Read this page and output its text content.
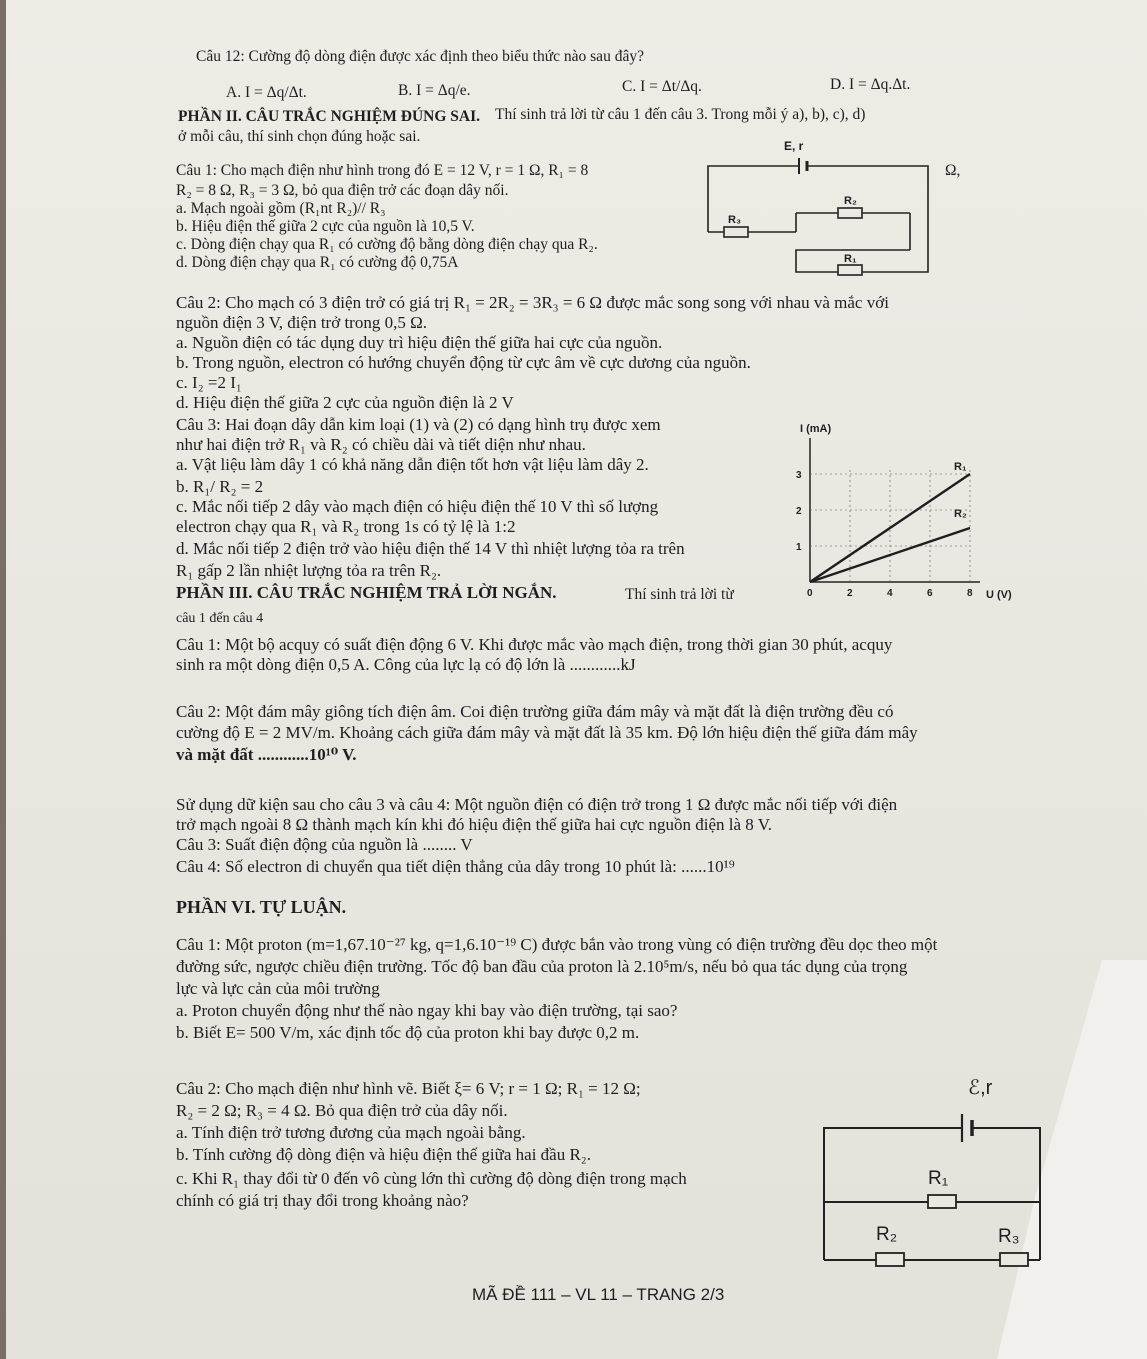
Câu 12: Cường độ dòng điện được xác định theo biểu thức nào sau đây?
A. I = Δq/Δt.	B. I = Δq/e.	C. I = Δt/Δq.	D. I = Δq.Δt.
PHẦN II. CÂU TRẮC NGHIỆM ĐÚNG SAI. Thí sinh trả lời từ câu 1 đến câu 3. Trong mỗi ý a), b), c), d)
ở mỗi câu, thí sinh chọn đúng hoặc sai.
Câu 1: Cho mạch điện như hình trong đó E = 12 V, r = 1 Ω, R₁ = 8	Ω,
R₂ = 8 Ω, R₃ = 3 Ω, bỏ qua điện trở các đoạn dây nối.
a. Mạch ngoài gồm (R₁nt R₂)// R₃
b. Hiệu điện thế giữa 2 cực của nguồn là 10,5 V.
c. Dòng điện chạy qua R₁ có cường độ bằng dòng điện chạy qua R₂.
d. Dòng điện chạy qua R₁ có cường độ 0,75A
E, r
R₂
R₃
R₁
Câu 2: Cho mạch có 3 điện trở có giá trị R₁ = 2R₂ = 3R₃ = 6 Ω được mắc song song với nhau và mắc với
nguồn điện 3 V, điện trở trong 0,5 Ω.
a. Nguồn điện có tác dụng duy trì hiệu điện thế giữa hai cực của nguồn.
b. Trong nguồn, electron có hướng chuyển động từ cực âm về cực dương của nguồn.
c. I₂ =2 I₁
d. Hiệu điện thế giữa 2 cực của nguồn điện là 2 V
Câu 3: Hai đoạn dây dẫn kim loại (1) và (2) có dạng hình trụ được xem
như hai điện trở R₁ và R₂ có chiều dài và tiết diện như nhau.
a. Vật liệu làm dây 1 có khả năng dẫn điện tốt hơn vật liệu làm dây 2.
b. R₁/ R₂ = 2
c. Mắc nối tiếp 2 dây vào mạch điện có hiệu điện thế 10 V thì số lượng
electron chạy qua R₁ và R₂ trong 1s có tỷ lệ là 1:2
d. Mắc nối tiếp 2 điện trở vào hiệu điện thế 14 V thì nhiệt lượng tỏa ra trên
R₁ gấp 2 lần nhiệt lượng tỏa ra trên R₂.
I (mA)
U (V)
1
2
3
0	2	4	6	8
R₁
R₂
PHẦN III. CÂU TRẮC NGHIỆM TRẢ LỜI NGẮN.	Thí sinh trả lời từ
câu 1 đến câu 4
Câu 1: Một bộ acquy có suất điện động 6 V. Khi được mắc vào mạch điện, trong thời gian 30 phút, acquy
sinh ra một dòng điện 0,5 A. Công của lực lạ có độ lớn là ............kJ
Câu 2: Một đám mây giông tích điện âm. Coi điện trường giữa đám mây và mặt đất là điện trường đều có
cường độ E = 2 MV/m. Khoảng cách giữa đám mây và mặt đất là 35 km. Độ lớn hiệu điện thế giữa đám mây
và mặt đất ............10¹⁰ V.
Sử dụng dữ kiện sau cho câu 3 và câu 4: Một nguồn điện có điện trở trong 1 Ω được mắc nối tiếp với điện
trở mạch ngoài 8 Ω thành mạch kín khi đó hiệu điện thế giữa hai cực nguồn điện là 8 V.
Câu 3: Suất điện động của nguồn là ........ V
Câu 4: Số electron di chuyển qua tiết diện thẳng của dây trong 10 phút là: ......10¹⁹
PHẦN VI. TỰ LUẬN.
Câu 1: Một proton (m=1,67.10⁻²⁷ kg, q=1,6.10⁻¹⁹ C) được bắn vào trong vùng có điện trường đều dọc theo một
đường sức, ngược chiều điện trường. Tốc độ ban đầu của proton là 2.10⁵m/s, nếu bỏ qua tác dụng của trọng
lực và lực cản của môi trường
a. Proton chuyển động như thế nào ngay khi bay vào điện trường, tại sao?
b. Biết E= 500 V/m, xác định tốc độ của proton khi bay được 0,2 m.
Câu 2: Cho mạch điện như hình vẽ. Biết ξ= 6 V; r = 1 Ω; R₁ = 12 Ω;
R₂ = 2 Ω; R₃ = 4 Ω. Bỏ qua điện trở của dây nối.
a. Tính điện trở tương đương của mạch ngoài bằng.
b. Tính cường độ dòng điện và hiệu điện thế giữa hai đầu R₂.
c. Khi R₁ thay đổi từ 0 đến vô cùng lớn thì cường độ dòng điện trong mạch
chính có giá trị thay đổi trong khoảng nào?
ℰ,r
R₁
R₂	R₃
MÃ ĐỀ 111 – VL 11 – TRANG 2/3
